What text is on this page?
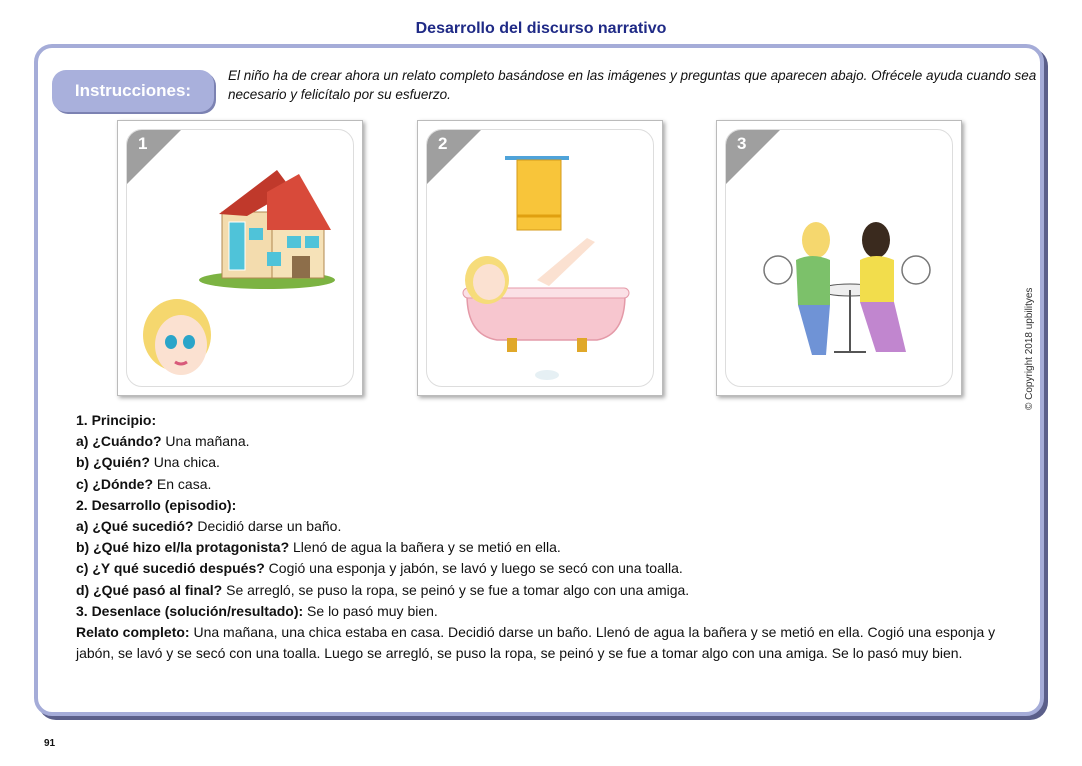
Desarrollo del discurso narrativo
Instrucciones:
El niño ha de crear ahora un relato completo basándose en las imágenes y preguntas que aparecen abajo. Ofrécele ayuda cuando sea necesario y felicítalo por su esfuerzo.
1	2	3
© Copyright 2018 upbilityes

1. Principio:

a) ¿Cuándo? Una mañana.

b) ¿Quién? Una chica.

c) ¿Dónde? En casa.

2. Desarrollo (episodio):

a) ¿Qué sucedió? Decidió darse un baño.

b) ¿Qué hizo el/la protagonista? Llenó de agua la bañera y se metió en ella.

c) ¿Y qué sucedió después? Cogió una esponja y jabón, se lavó y luego se secó con una toalla.

d) ¿Qué pasó al final? Se arregló, se puso la ropa, se peinó y se fue a tomar algo con una amiga.

3. Desenlace (solución/resultado): Se lo pasó muy bien.

Relato completo: Una mañana, una chica estaba en casa. Decidió darse un baño. Llenó de agua la bañera y se metió en ella. Cogió una esponja y jabón, se lavó y se secó con una toalla. Luego se arregló, se puso la ropa, se peinó y se fue a tomar algo con una amiga. Se lo pasó muy bien.

91
